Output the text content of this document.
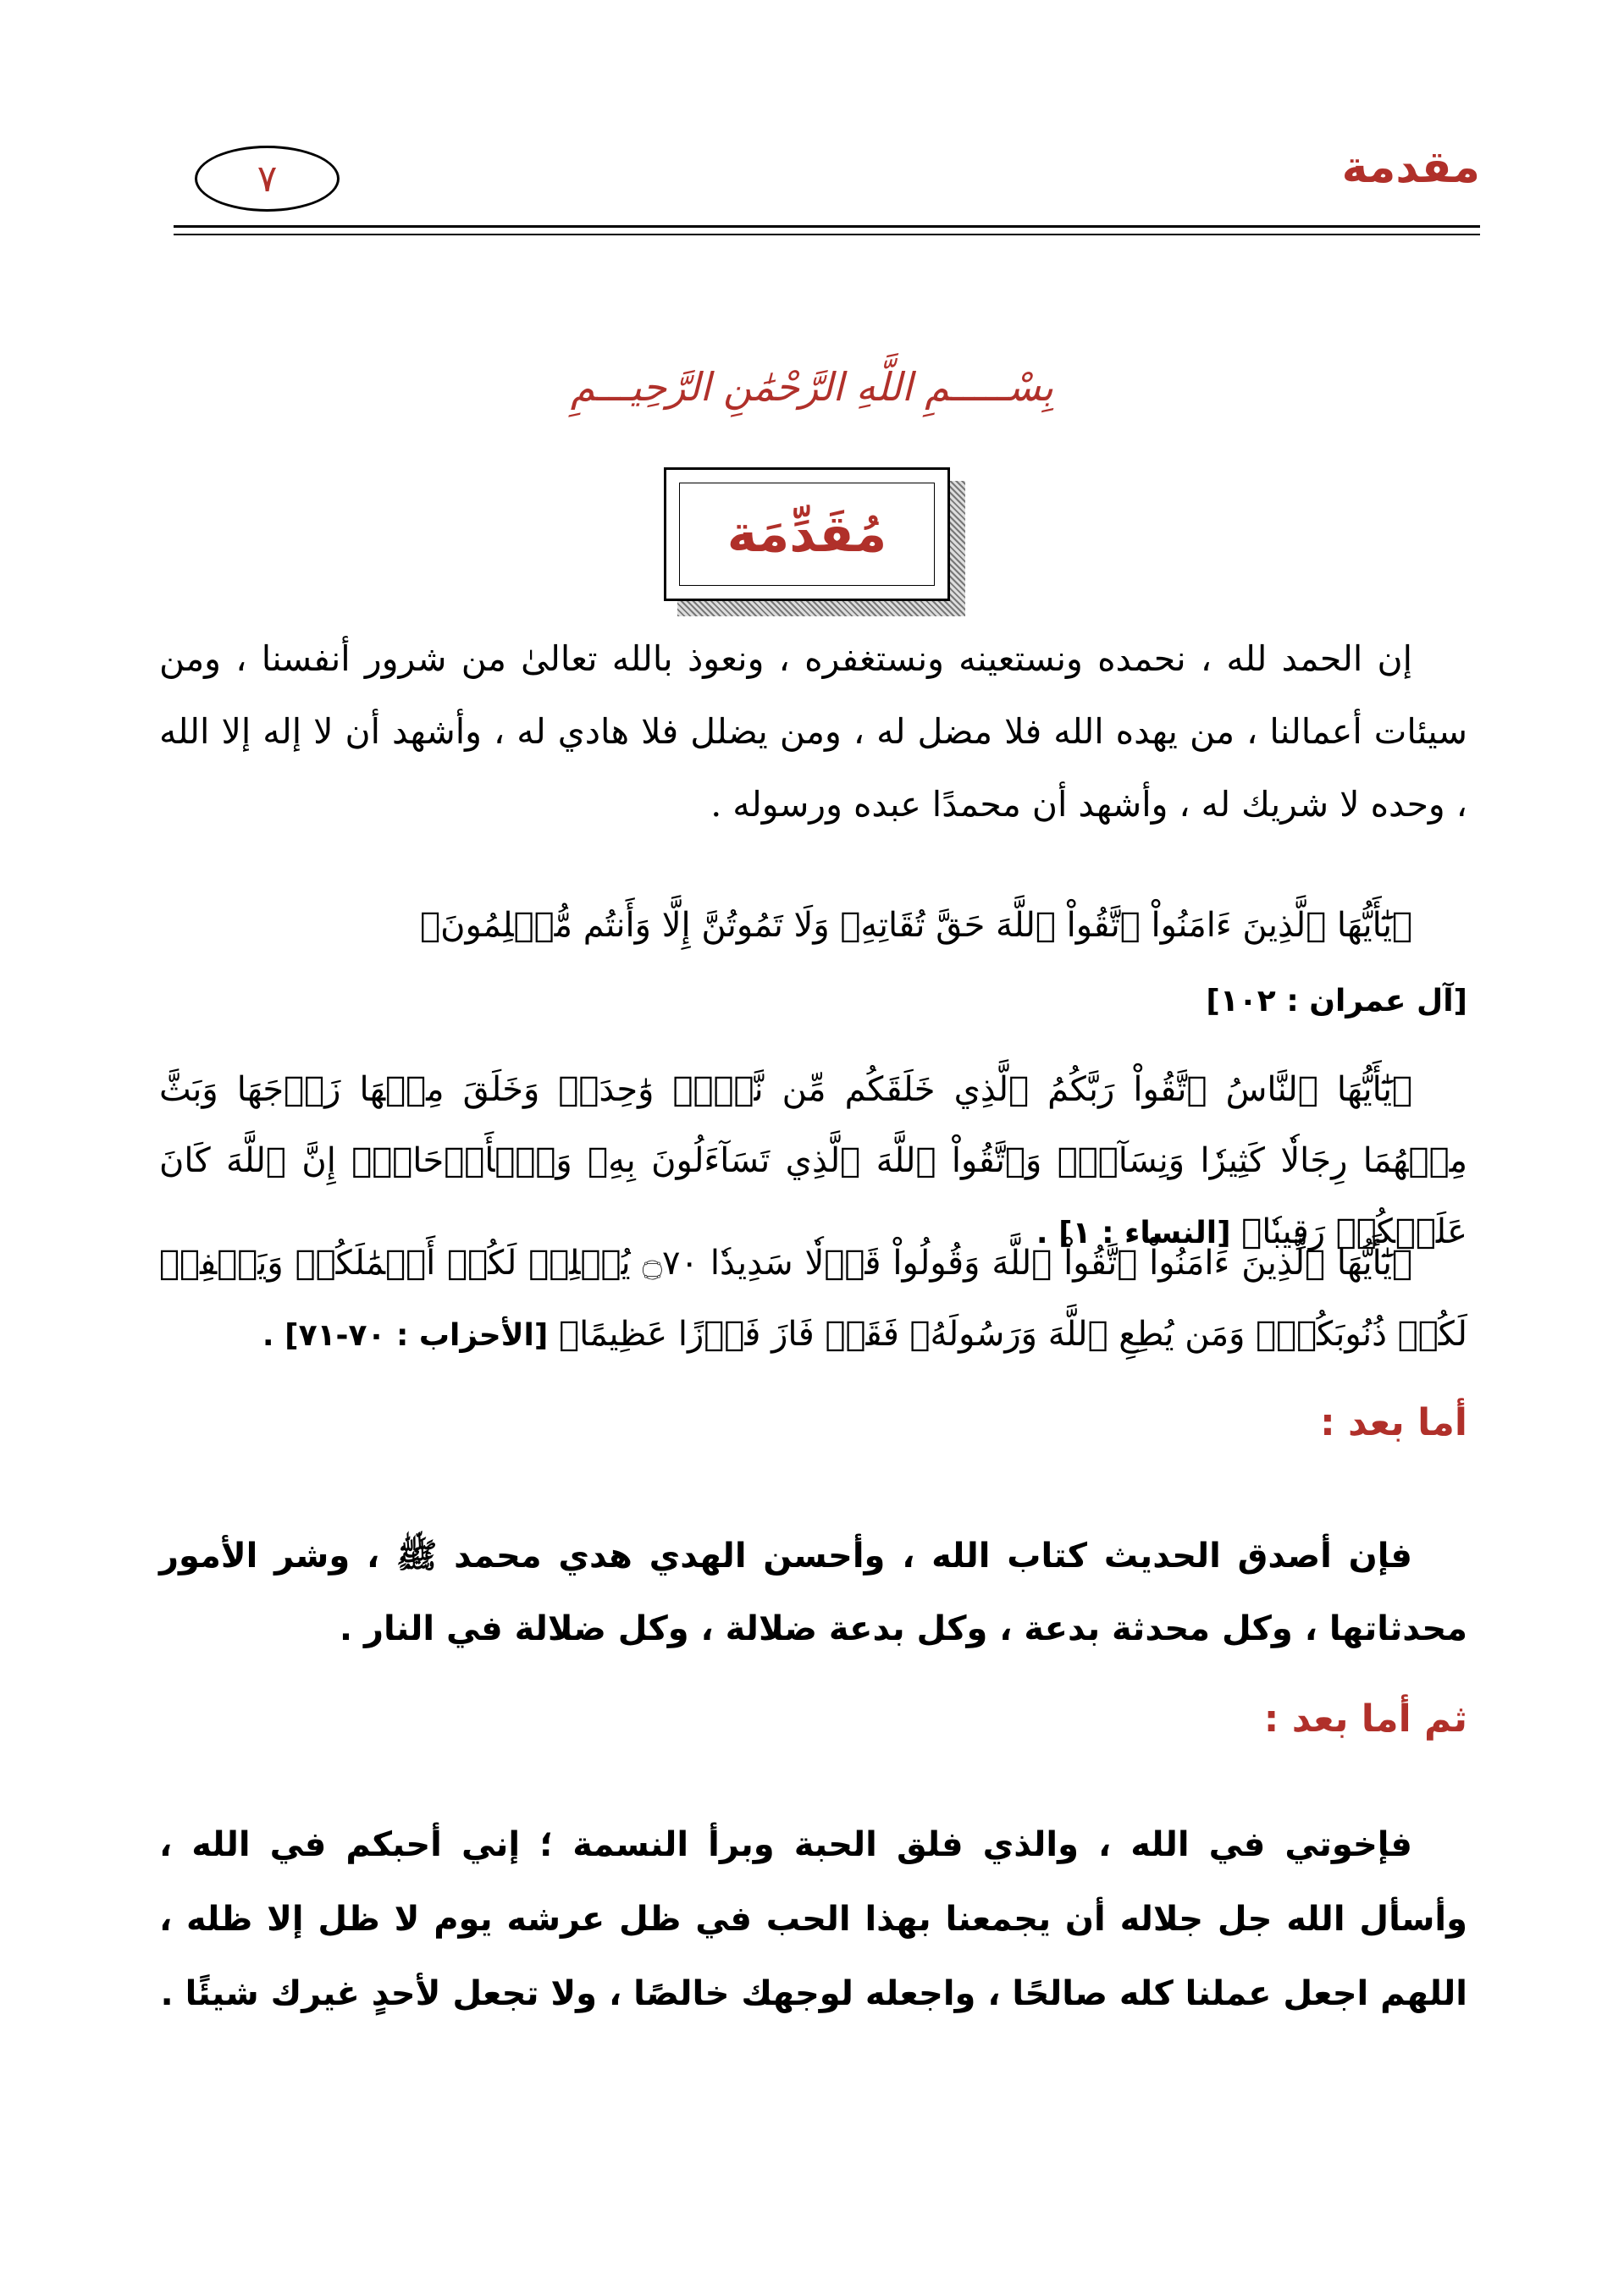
مقدمة
٧
بِسْـــــمِ اللَّهِ الرَّحْمَٰنِ الرَّحِيـــمِ
مُقَدِّمَة
إن الحمد لله ، نحمده ونستعينه ونستغفره ، ونعوذ بالله تعالىٰ من شرور أنفسنا ، ومن سيئات أعمالنا ، من يهده الله فلا مضل له ، ومن يضلل فلا هادي له ، وأشهد أن لا إله إلا الله ، وحده لا شريك له ، وأشهد أن محمدًا عبده ورسوله .
﴿يَٰٓأَيُّهَا ٱلَّذِينَ ءَامَنُواْ ٱتَّقُواْ ٱللَّهَ حَقَّ تُقَاتِهِۦ وَلَا تَمُوتُنَّ إِلَّا وَأَنتُم مُّسۡلِمُونَ﴾
[آل عمران : ١٠٢]
﴿يَٰٓأَيُّهَا ٱلنَّاسُ ٱتَّقُواْ رَبَّكُمُ ٱلَّذِي خَلَقَكُم مِّن نَّفۡسٖ وَٰحِدَةٖ وَخَلَقَ مِنۡهَا زَوۡجَهَا وَبَثَّ مِنۡهُمَا رِجَالٗا كَثِيرٗا وَنِسَآءٗۚ وَٱتَّقُواْ ٱللَّهَ ٱلَّذِي تَسَآءَلُونَ بِهِۦ وَٱلۡأَرۡحَامَۚ إِنَّ ٱللَّهَ كَانَ عَلَيۡكُمۡ رَقِيبٗا﴾ [النساء : ١] .
﴿يَٰٓأَيُّهَا ٱلَّذِينَ ءَامَنُواْ ٱتَّقُواْ ٱللَّهَ وَقُولُواْ قَوۡلٗا سَدِيدٗا ۝٧٠ يُصۡلِحۡ لَكُمۡ أَعۡمَٰلَكُمۡ وَيَغۡفِرۡ لَكُمۡ ذُنُوبَكُمۡۗ وَمَن يُطِعِ ٱللَّهَ وَرَسُولَهُۥ فَقَدۡ فَازَ فَوۡزًا عَظِيمًا﴾ [الأحزاب : ٧٠-٧١] .
أما بعد :
فإن أصدق الحديث كتاب الله ، وأحسن الهدي هدي محمد ﷺ ، وشر الأمور محدثاتها ، وكل محدثة بدعة ، وكل بدعة ضلالة ، وكل ضلالة في النار .
ثم أما بعد :
فإخوتي في الله ، والذي فلق الحبة وبرأ النسمة ؛ إني أحبكم في الله ، وأسأل الله جل جلاله أن يجمعنا بهذا الحب في ظل عرشه يوم لا ظل إلا ظله ، اللهم اجعل عملنا كله صالحًا ، واجعله لوجهك خالصًا ، ولا تجعل لأحدٍ غيرك شيئًا .
